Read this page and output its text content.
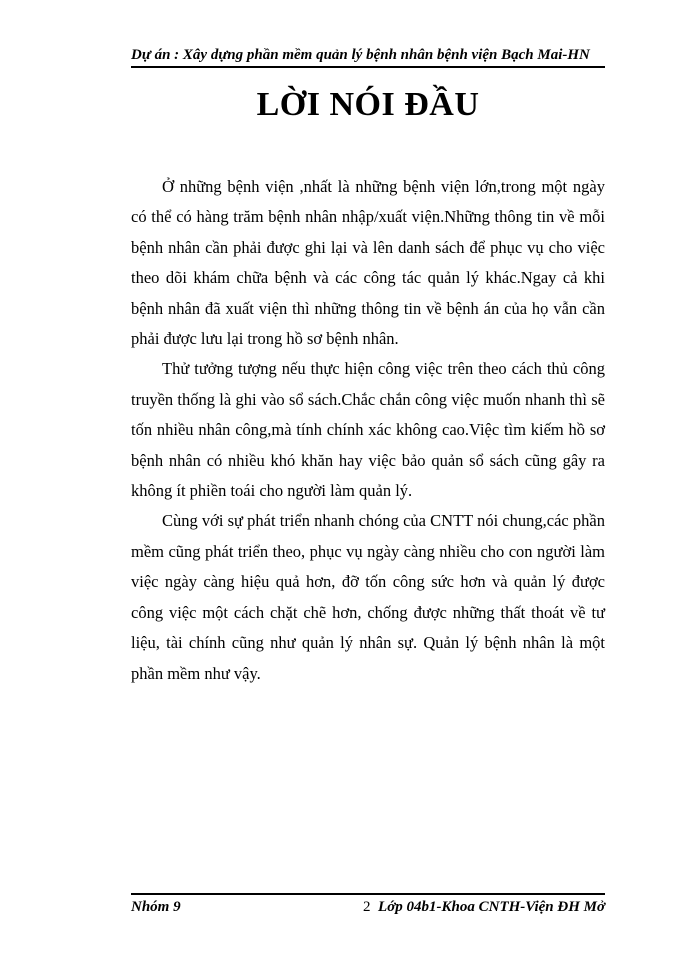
Dự án : Xây dựng phần mềm quản lý bệnh nhân bệnh viện Bạch Mai-HN
LỜI NÓI ĐẦU

Ở những bệnh viện ,nhất là những bệnh viện lớn,trong một ngày có thể có hàng trăm bệnh nhân nhập/xuất viện.Những thông tin về mỗi bệnh nhân cần phải được ghi lại và lên danh sách để phục vụ cho việc theo dõi khám chữa bệnh và các công tác quản lý khác.Ngay cả khi bệnh nhân đã xuất viện thì những thông tin về bệnh án của họ vẫn cần phải được lưu lại trong hồ sơ bệnh nhân.

Thử tưởng tượng nếu thực hiện công việc trên theo cách thủ công truyền thống là ghi vào sổ sách.Chắc chắn công việc muốn nhanh thì sẽ tốn nhiều nhân công,mà tính chính xác không cao.Việc tìm kiếm hồ sơ bệnh nhân có nhiều khó khăn hay việc bảo quản sổ sách cũng gây ra không ít phiền toái cho người làm quản lý.

Cùng với sự phát triển nhanh chóng của CNTT nói chung,các phần mềm cũng phát triển theo, phục vụ ngày càng nhiều cho con người làm việc ngày càng hiệu quả hơn, đỡ tốn công sức hơn và quản lý được công việc một cách chặt chẽ hơn, chống được những thất thoát về tư liệu, tài chính cũng như quản lý nhân sự. Quản lý bệnh nhân là một phần mềm như vậy.

Nhóm 9	2 Lớp 04b1-Khoa CNTH-Viện ĐH Mở
